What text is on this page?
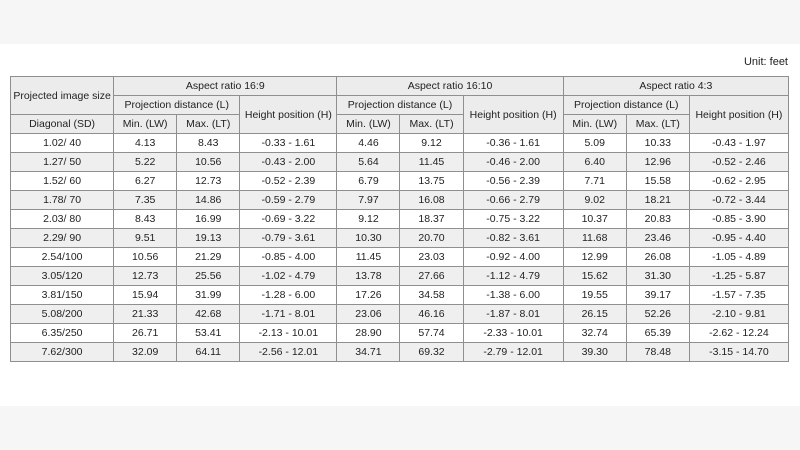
Unit: feet
Projected image size	Aspect ratio 16:9			Aspect ratio 16:10			Aspect ratio 4:3		
	Projection distance (L)		Height position (H)	Projection distance (L)		Height position (H)	Projection distance (L)		Height position (H)
Diagonal (SD)	Min. (LW)	Max. (LT)		Min. (LW)	Max. (LT)		Min. (LW)	Max. (LT)	
1.02/ 40	4.13	8.43	-0.33 - 1.61	4.46	9.12	-0.36 - 1.61	5.09	10.33	-0.43 - 1.97
1.27/ 50	5.22	10.56	-0.43 - 2.00	5.64	11.45	-0.46 - 2.00	6.40	12.96	-0.52 - 2.46
1.52/ 60	6.27	12.73	-0.52 - 2.39	6.79	13.75	-0.56 - 2.39	7.71	15.58	-0.62 - 2.95
1.78/ 70	7.35	14.86	-0.59 - 2.79	7.97	16.08	-0.66 - 2.79	9.02	18.21	-0.72 - 3.44
2.03/ 80	8.43	16.99	-0.69 - 3.22	9.12	18.37	-0.75 - 3.22	10.37	20.83	-0.85 - 3.90
2.29/ 90	9.51	19.13	-0.79 - 3.61	10.30	20.70	-0.82 - 3.61	11.68	23.46	-0.95 - 4.40
2.54/100	10.56	21.29	-0.85 - 4.00	11.45	23.03	-0.92 - 4.00	12.99	26.08	-1.05 - 4.89
3.05/120	12.73	25.56	-1.02 - 4.79	13.78	27.66	-1.12 - 4.79	15.62	31.30	-1.25 - 5.87
3.81/150	15.94	31.99	-1.28 - 6.00	17.26	34.58	-1.38 - 6.00	19.55	39.17	-1.57 - 7.35
5.08/200	21.33	42.68	-1.71 - 8.01	23.06	46.16	-1.87 - 8.01	26.15	52.26	-2.10 - 9.81
6.35/250	26.71	53.41	-2.13 - 10.01	28.90	57.74	-2.33 - 10.01	32.74	65.39	-2.62 - 12.24
7.62/300	32.09	64.11	-2.56 - 12.01	34.71	69.32	-2.79 - 12.01	39.30	78.48	-3.15 - 14.70
